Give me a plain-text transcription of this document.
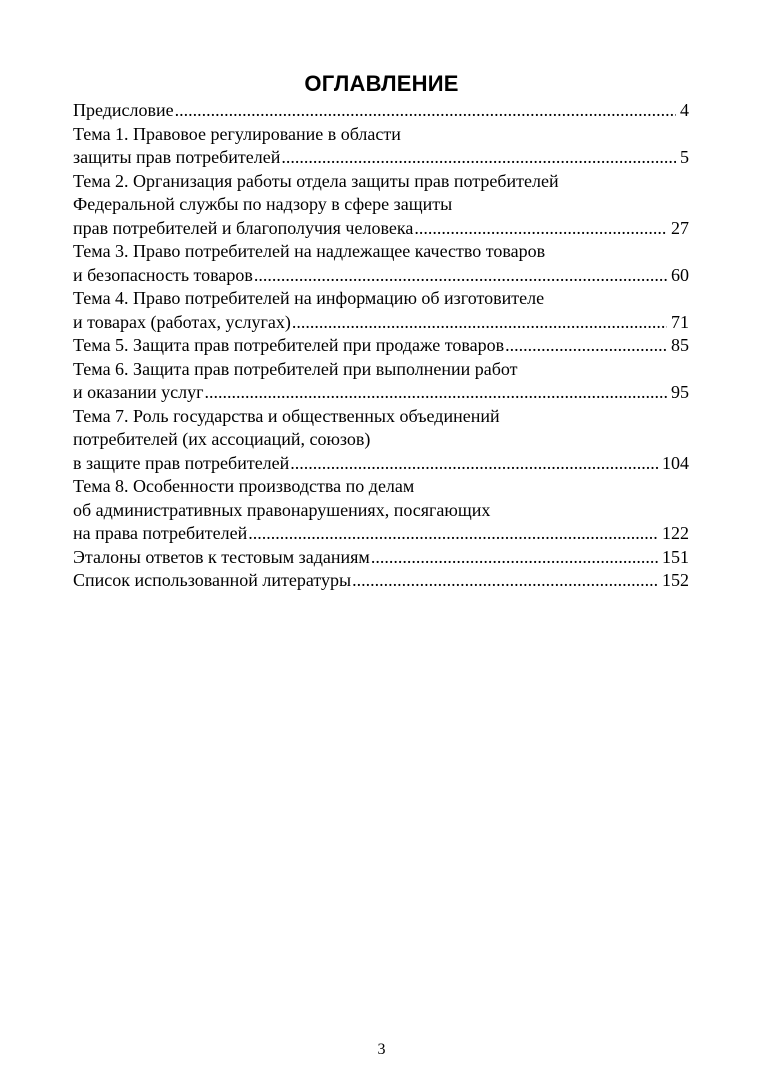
ОГЛАВЛЕНИЕ
Предисловие .....	4
Тема 1. Правовое регулирование в области
защиты прав потребителей .....	5
Тема 2. Организация работы отдела защиты прав потребителей
Федеральной службы по надзору в сфере защиты
прав потребителей и благополучия человека .....	27
Тема 3. Право потребителей на надлежащее качество товаров
и безопасность товаров .....	60
Тема 4. Право потребителей на информацию об изготовителе
и товарах (работах, услугах) .....	71
Тема 5. Защита прав потребителей при продаже товаров .....	85
Тема 6. Защита прав потребителей при выполнении работ
и оказании услуг .....	95
Тема 7. Роль государства и общественных объединений
потребителей (их ассоциаций, союзов)
в защите прав потребителей .....	104
Тема 8. Особенности производства по делам
об административных правонарушениях, посягающих
на права потребителей .....	122
Эталоны ответов к тестовым заданиям .....	151
Список использованной литературы .....	152
3
